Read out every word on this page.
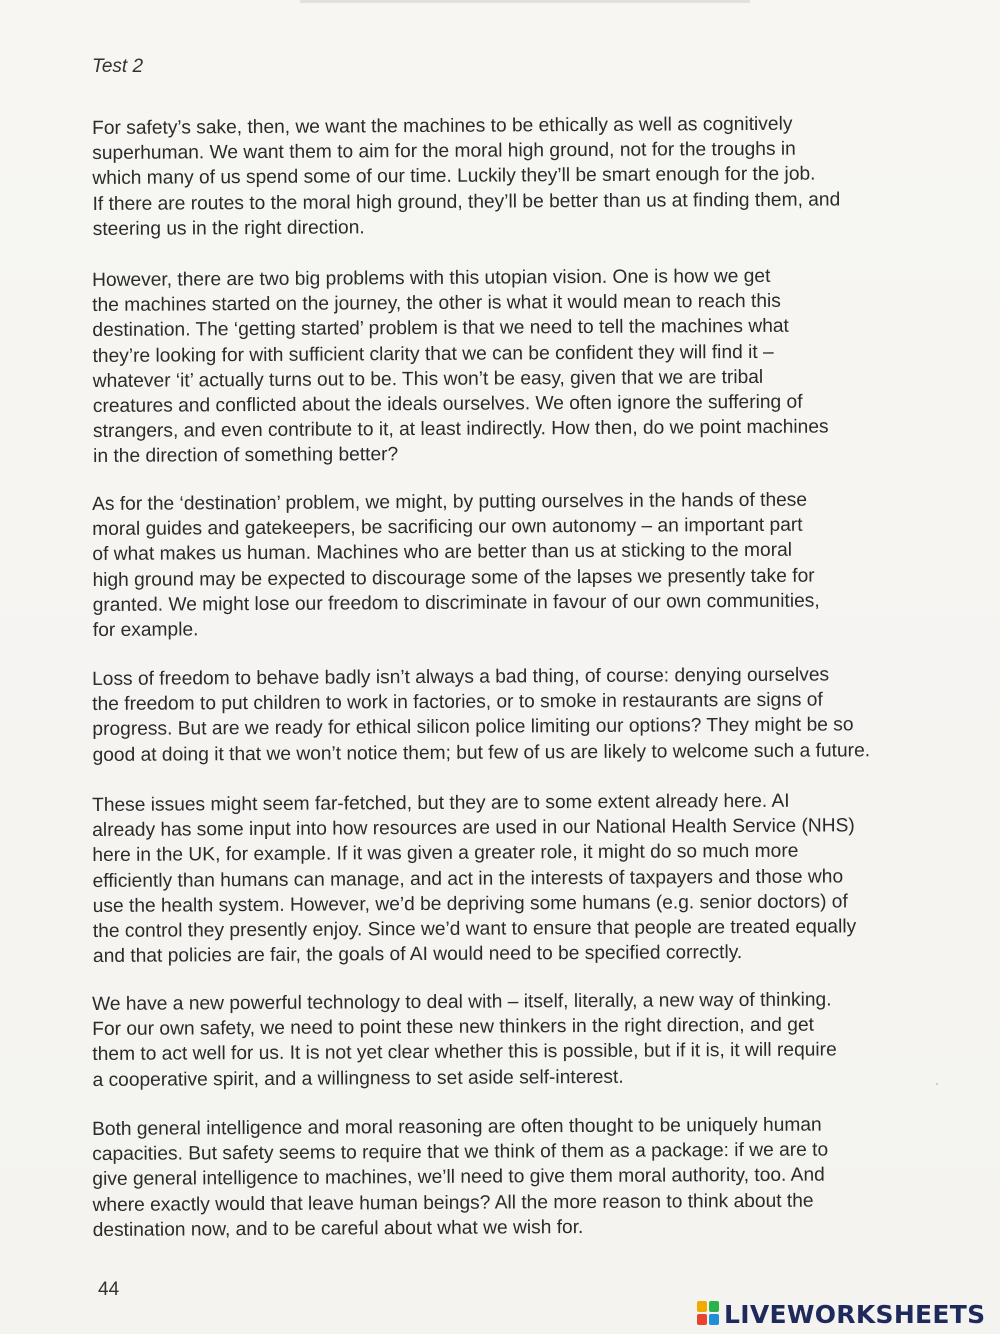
Test 2
For safety’s sake, then, we want the machines to be ethically as well as cognitively
superhuman. We want them to aim for the moral high ground, not for the troughs in
which many of us spend some of our time. Luckily they’ll be smart enough for the job.
If there are routes to the moral high ground, they’ll be better than us at finding them, and
steering us in the right direction.
However, there are two big problems with this utopian vision. One is how we get
the machines started on the journey, the other is what it would mean to reach this
destination. The ‘getting started’ problem is that we need to tell the machines what
they’re looking for with sufficient clarity that we can be confident they will find it –
whatever ‘it’ actually turns out to be. This won’t be easy, given that we are tribal
creatures and conflicted about the ideals ourselves. We often ignore the suffering of
strangers, and even contribute to it, at least indirectly. How then, do we point machines
in the direction of something better?
As for the ‘destination’ problem, we might, by putting ourselves in the hands of these
moral guides and gatekeepers, be sacrificing our own autonomy – an important part
of what makes us human. Machines who are better than us at sticking to the moral
high ground may be expected to discourage some of the lapses we presently take for
granted. We might lose our freedom to discriminate in favour of our own communities,
for example.
Loss of freedom to behave badly isn’t always a bad thing, of course: denying ourselves
the freedom to put children to work in factories, or to smoke in restaurants are signs of
progress. But are we ready for ethical silicon police limiting our options? They might be so
good at doing it that we won’t notice them; but few of us are likely to welcome such a future.
These issues might seem far-fetched, but they are to some extent already here. AI
already has some input into how resources are used in our National Health Service (NHS)
here in the UK, for example. If it was given a greater role, it might do so much more
efficiently than humans can manage, and act in the interests of taxpayers and those who
use the health system. However, we’d be depriving some humans (e.g. senior doctors) of
the control they presently enjoy. Since we’d want to ensure that people are treated equally
and that policies are fair, the goals of AI would need to be specified correctly.
We have a new powerful technology to deal with – itself, literally, a new way of thinking.
For our own safety, we need to point these new thinkers in the right direction, and get
them to act well for us. It is not yet clear whether this is possible, but if it is, it will require
a cooperative spirit, and a willingness to set aside self-interest.
Both general intelligence and moral reasoning are often thought to be uniquely human
capacities. But safety seems to require that we think of them as a package: if we are to
give general intelligence to machines, we’ll need to give them moral authority, too. And
where exactly would that leave human beings? All the more reason to think about the
destination now, and to be careful about what we wish for.
44
LIVEWORKSHEETS
